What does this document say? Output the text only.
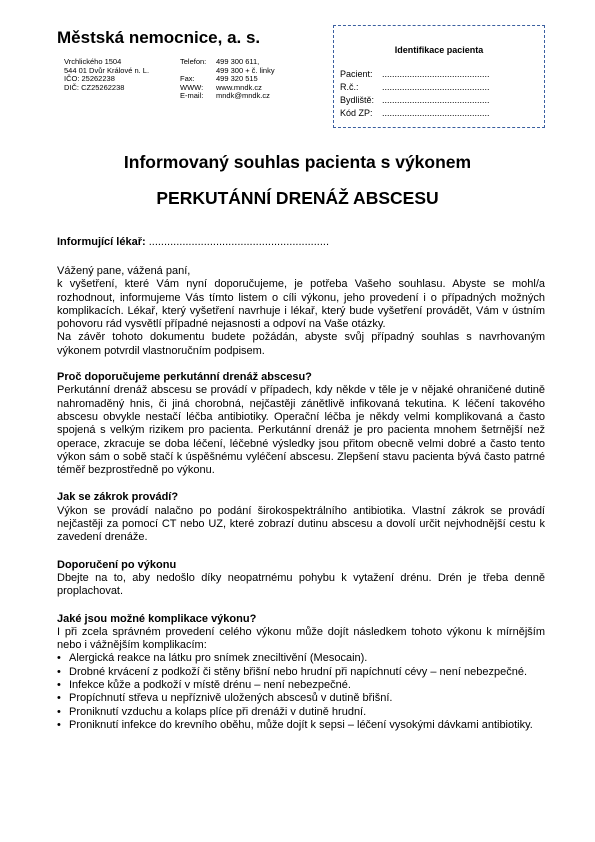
Městská nemocnice, a. s.
Vrchlického 1504
544 01 Dvůr Králové n. L.
IČO: 25262238
DIČ: CZ25262238
Telefon:

Fax:
WWW:
E-mail:
499 300 611,
499 300 + č. linky
499 320 515
www.mndk.cz
mndk@mndk.cz
Identifikace pacienta
Pacient: ...........................................
R.č.:	...........................................
Bydliště: ...........................................
Kód ZP: ...........................................
Informovaný souhlas pacienta s výkonem
PERKUTÁNNÍ DRENÁŽ ABSCESU
Informující lékař: ...........................................................

Vážený pane, vážená paní,

k vyšetření, které Vám nyní doporučujeme, je potřeba Vašeho souhlasu. Abyste se mohl/a rozhodnout, informujeme Vás tímto listem o cíli výkonu, jeho provedení i o případných možných komplikacích. Lékař, který vyšetření navrhuje i lékař, který bude vyšetření provádět, Vám v ústním pohovoru rád vysvětlí případné nejasnosti a odpoví na Vaše otázky.

Na závěr tohoto dokumentu budete požádán, abyste svůj případný souhlas s navrhovaným výkonem potvrdil vlastnoručním podpisem.

Proč doporučujeme perkutánní drenáž abscesu?

Perkutánní drenáž abscesu se provádí v případech, kdy někde v těle je v nějaké ohraničené dutině nahromaděný hnis, či jiná chorobná, nejčastěji zánětlivě infikovaná tekutina. K léčení takového abscesu obvykle nestačí léčba antibiotiky. Operační léčba je někdy velmi komplikovaná a často spojená s velkým rizikem pro pacienta. Perkutánní drenáž je pro pacienta mnohem šetrnější než operace, zkracuje se doba léčení, léčebné výsledky jsou přitom obecně velmi dobré a často tento výkon sám o sobě stačí k úspěšnému vyléčení abscesu. Zlepšení stavu pacienta bývá často patrné téměř bezprostředně po výkonu.

Jak se zákrok provádí?

Výkon se provádí nalačno po podání širokospektrálního antibiotika. Vlastní zákrok se provádí nejčastěji za pomocí CT nebo UZ, které zobrazí dutinu abscesu a dovolí určit nejvhodnější cestu k zavedení drenáže.

Doporučení po výkonu

Dbejte na to, aby nedošlo díky neopatrnému pohybu k vytažení drénu. Drén je třeba denně proplachovat.

Jaké jsou možné komplikace výkonu?

I při zcela správném provedení celého výkonu může dojít následkem tohoto výkonu k mírnějším nebo i vážnějším komplikacím:

• Alergická reakce na látku pro snímek zneciltivění (Mesocain).
• Drobné krvácení z podkoží či stěny břišní nebo hrudní při napíchnutí cévy – není nebezpečné.
• Infekce kůže a podkoží v místě drénu – není nebezpečné.
• Propíchnutí střeva u nepříznivě uložených abscesů v dutině břišní.
• Proniknutí vzduchu a kolaps plíce při drenáži v dutině hrudní.
• Proniknutí infekce do krevního oběhu, může dojít k sepsi – léčení vysokými dávkami antibiotiky.
